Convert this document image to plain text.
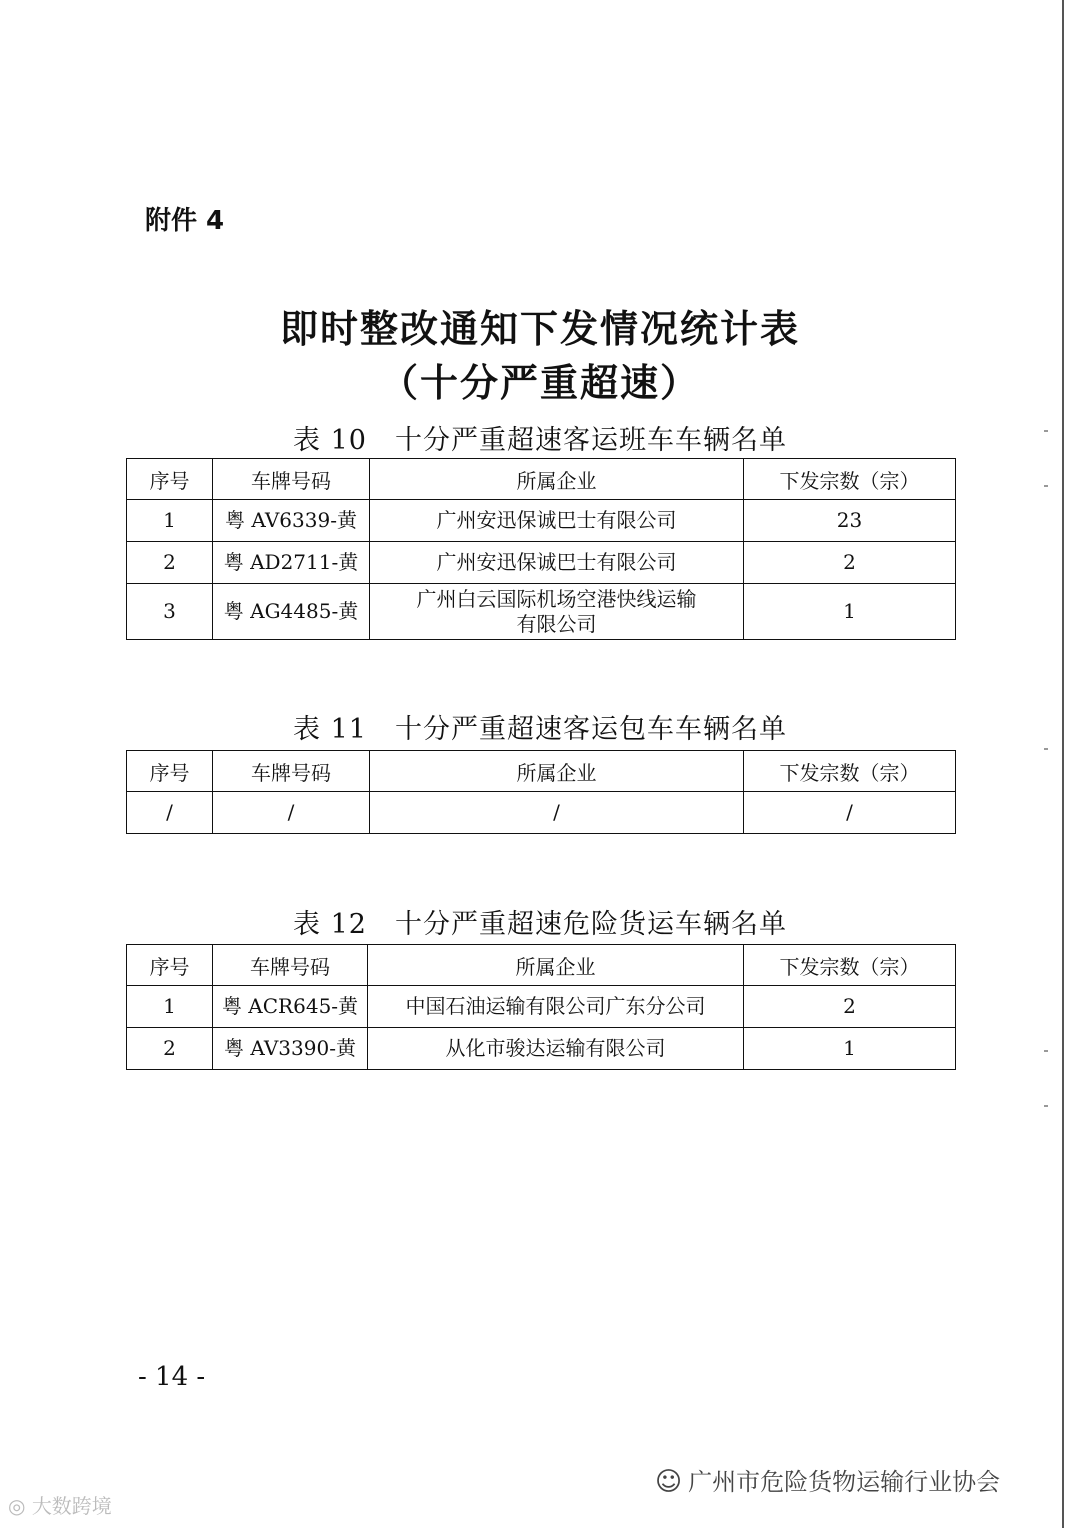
附件 4
即时整改通知下发情况统计表
（十分严重超速）
表 10 十分严重超速客运班车车辆名单
序号	车牌号码	所属企业	下发宗数（宗）
1	粤 AV6339-黄	广州安迅保诚巴士有限公司	23
2	粤 AD2711-黄	广州安迅保诚巴士有限公司	2
3	粤 AG4485-黄	广州白云国际机场空港快线运输有限公司	1
表 11 十分严重超速客运包车车辆名单
序号	车牌号码	所属企业	下发宗数（宗）
/	/	/	/
表 12 十分严重超速危险货运车辆名单
序号	车牌号码	所属企业	下发宗数（宗）
1	粤 ACR645-黄	中国石油运输有限公司广东分公司	2
2	粤 AV3390-黄	从化市骏达运输有限公司	1
- 14 -
◎ 大数跨境
☺ 广州市危险货物运输行业协会
